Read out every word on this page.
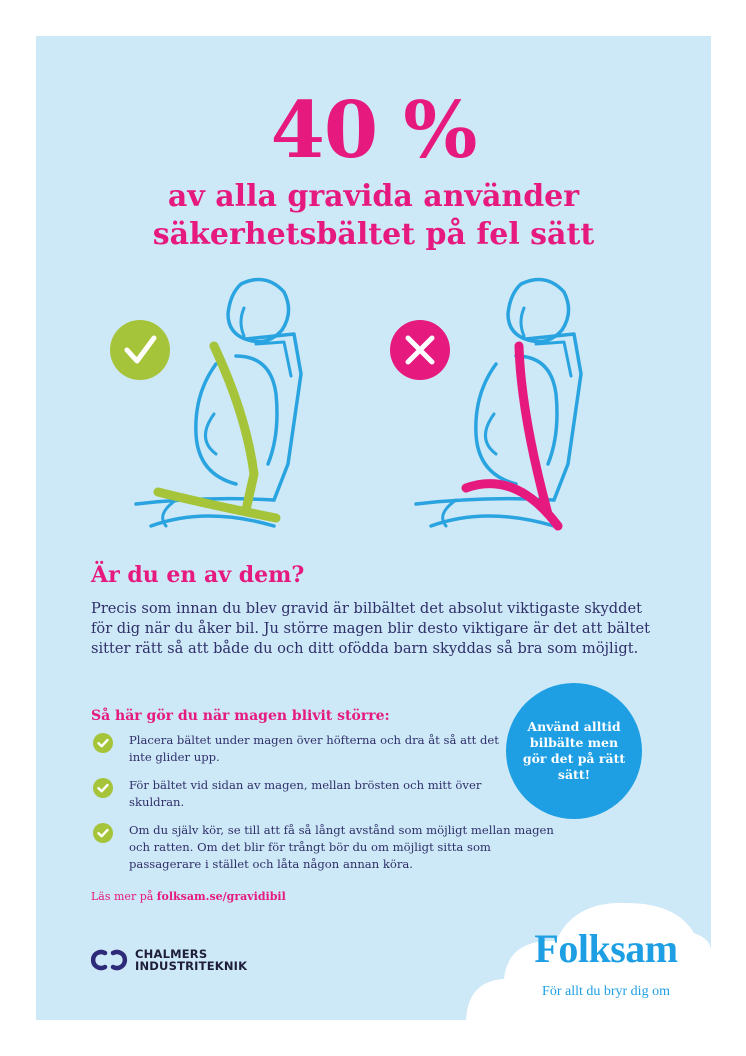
40 %
av alla gravida använder
säkerhetsbältet på fel sätt
Är du en av dem?

Precis som innan du blev gravid är bilbältet det absolut viktigaste skyddet för dig när du åker bil. Ju större magen blir desto viktigare är det att bältet sitter rätt så att både du och ditt ofödda barn skyddas så bra som möjligt.

Så här gör du när magen blivit större:
Placera bältet under magen över höfterna och dra åt så att det inte glider upp.
För bältet vid sidan av magen, mellan brösten och mitt över skuldran.
Om du själv kör, se till att få så långt avstånd som möjligt mellan magen och ratten. Om det blir för trångt bör du om möjligt sitta som passagerare i stället och låta någon annan köra.
Läs mer på folksam.se/gravidibil
Använd alltid bilbälte men gör det på rätt sätt!
CHALMERS
INDUSTRITEKNIK	Folksam
För allt du bryr dig om
